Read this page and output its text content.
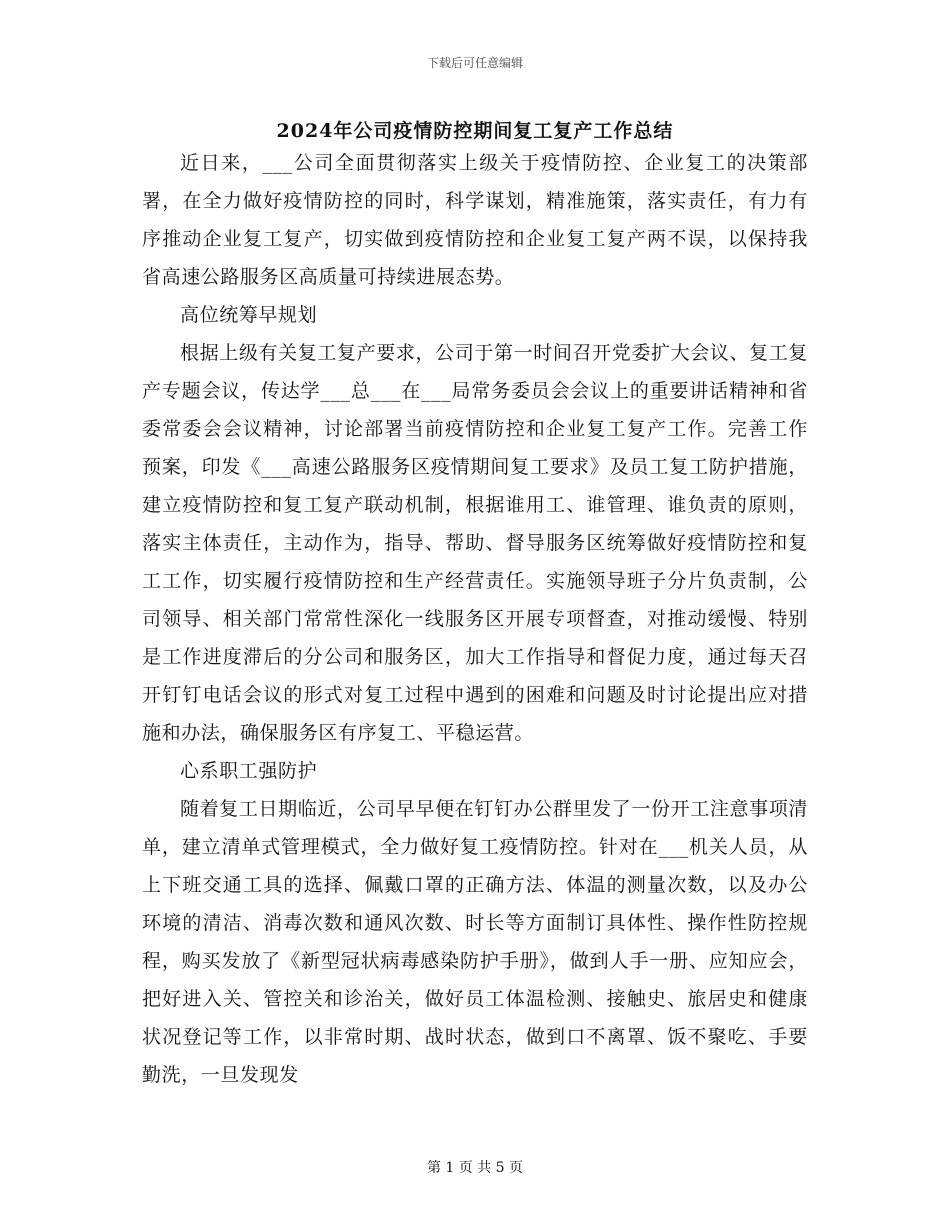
下载后可任意编辑
2024年公司疫情防控期间复工复产工作总结

近日来，___公司全面贯彻落实上级关于疫情防控、企业复工的决策部署，在全力做好疫情防控的同时，科学谋划，精准施策，落实责任，有力有序推动企业复工复产，切实做到疫情防控和企业复工复产两不误，以保持我省高速公路服务区高质量可持续进展态势。

高位统筹早规划

根据上级有关复工复产要求，公司于第一时间召开党委扩大会议、复工复产专题会议，传达学___总___在___局常务委员会会议上的重要讲话精神和省委常委会会议精神，讨论部署当前疫情防控和企业复工复产工作。完善工作预案，印发《___高速公路服务区疫情期间复工要求》及员工复工防护措施，建立疫情防控和复工复产联动机制，根据谁用工、谁管理、谁负责的原则，落实主体责任，主动作为，指导、帮助、督导服务区统筹做好疫情防控和复工工作，切实履行疫情防控和生产经营责任。实施领导班子分片负责制，公司领导、相关部门常常性深化一线服务区开展专项督查，对推动缓慢、特别是工作进度滞后的分公司和服务区，加大工作指导和督促力度，通过每天召开钉钉电话会议的形式对复工过程中遇到的困难和问题及时讨论提出应对措施和办法，确保服务区有序复工、平稳运营。

心系职工强防护

随着复工日期临近，公司早早便在钉钉办公群里发了一份开工注意事项清单，建立清单式管理模式，全力做好复工疫情防控。针对在___机关人员，从上下班交通工具的选择、佩戴口罩的正确方法、体温的测量次数，以及办公环境的清洁、消毒次数和通风次数、时长等方面制订具体性、操作性防控规程，购买发放了《新型冠状病毒感染防护手册》，做到人手一册、应知应会，把好进入关、管控关和诊治关，做好员工体温检测、接触史、旅居史和健康状况登记等工作，以非常时期、战时状态，做到口不离罩、饭不聚吃、手要勤洗，一旦发现发

第 1 页 共 5 页
